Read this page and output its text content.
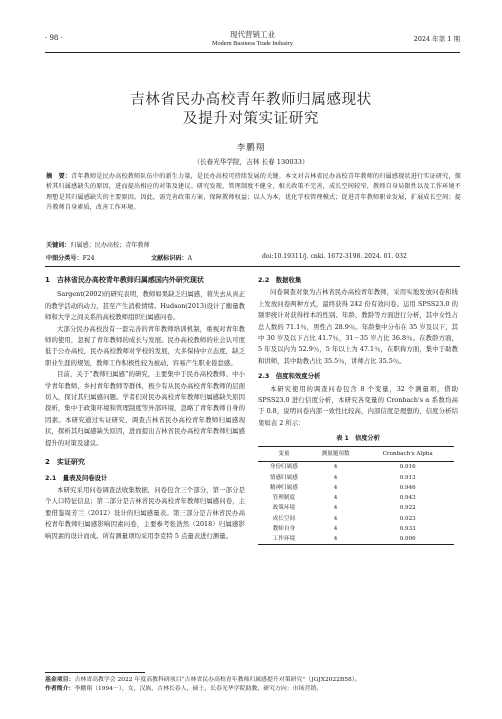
· 98 ·	现代营销工业
Modern Business Trade Industry
2024 年第 1 期
吉林省民办高校青年教师归属感现状
及提升对策实证研究
李鹏翔
（长春光华学院，吉林 长春 130033）
摘　要：青年教师是民办高校教师队伍中的新生力量，是民办高校可持续发展的关键。本文对吉林省民办高校青年教师的归属感现状进行实证研究，探析其归属感缺失的原因，进而提出相应的对策及建议。研究发现，管理制度不健全，相关政策不完善，成长空间较窄，教师自身局限性以及工作环境不理想是其归属感缺失的主要原因。因此，需完善政策方案，保障教师权益；以人为本，优化学校管理模式；促进青年教师职业发展，扩展成长空间；提升教师自身素质，改善工作环境。
关键词：归属感；民办高校；青年教师
中图分类号：F24	文献标识码：A	doi:10.19311/j. cnki. 1672-3198. 2024. 01. 032
1　吉林省民办高校青年教师归属感国内外研究现状

Sargent(2002)的研究表明，教师如果缺乏归属感，将失去从真正的教学活动的动力，甚至产生消极情绪。Hudson(2013)设计了衡量教师和大学之间关系的高校教师组织归属感问卷。

大部分民办高校没有一套完善的青年教师培训机制，重视对青年教师的使用，忽视了青年教师的成长与发展。民办高校教师的社会认可度低于公办高校，民办高校教师对学校的发展，大多保持中立态度，缺乏职业生涯的规划，教师工作积极性较为被动，容易产生职业倦怠感。

目前，关于“教师归属感”的研究，主要集中于民办高校教师、中小学青年教师、乡村青年教师等群体，极少有从民办高校青年教师的层面切入，探讨其归属感问题。学者们对民办高校青年教师归属感缺失原因探析，集中于政策环境和管理制度等外部环境，忽略了青年教师自身的因素。本研究通过实证研究，调查吉林省民办高校青年教师归属感现状，探析其归属感缺失原因，进而提出吉林省民办高校青年教师归属感提升的对策及建议。

2　实证研究
2.1　量表及问卷设计

本研究采用问卷调查法收集数据，问卷包含三个部分，第一部分是个人口特征信息；第二部分是吉林省民办高校青年教师归属感问卷，主要借鉴周芳兰（2012）设计的归属感量表。第三部分是吉林省民办高校青年教师归属感影响因素问卷，主要参考张浩然（2018）归属感影响因素的设计而成。所有测量项均采用李克特 5 点量表进行测量。

2.2　数据收集

问卷调查对象为吉林省民办高校青年教师，采用实地发放问卷和线上发放问卷两种方式，最终获得 242 份有效问卷。运用 SPSS23.0 的频率统计对获得样本的性别、年龄、教龄等方面进行分析，其中女性占总人数的 71.1％，男性占 28.9％。年龄集中分布在 35 岁及以下，其中 30 岁及以下占比 41.7％，31－35 岁占比 36.8％。在教龄方面，5 年及以内为 52.9％，5 年以上为 47.1％，在职称方面，集中于助教和讲师，其中助教占比 35.5％，讲师占比 35.5％。

2.3　信度和效度分析

本研究使用的调查问卷包含 8 个变量，32 个测量项，借助 SPSS23.0 进行信度分析，本研究各变量的 Cronbach's α 系数均高于 0.8，说明问卷内部一致性比较高，内部信度是理想的，信度分析结果如表 2 所示：

表 1　信度分析
变量	测量题项数	Cronbach's Alpha
身份归属感	4	0.916
情感归属感	4	0.913
精神归属感	4	0.946
管理制度	4	0.943
政策环境	4	0.922
成长空间	4	0.923
教师自身	4	0.933
工作环境	4	0.906
基金项目：吉林省高教学会 2022 年度高教科研项目“吉林省民办高校青年教师归属感提升对策研究”（JGJX2022B58）。
作者简介：李鹏翔（1994－），女，汉族，吉林长春人，硕士，长春光华学院助教，研究方向：市场营销。
